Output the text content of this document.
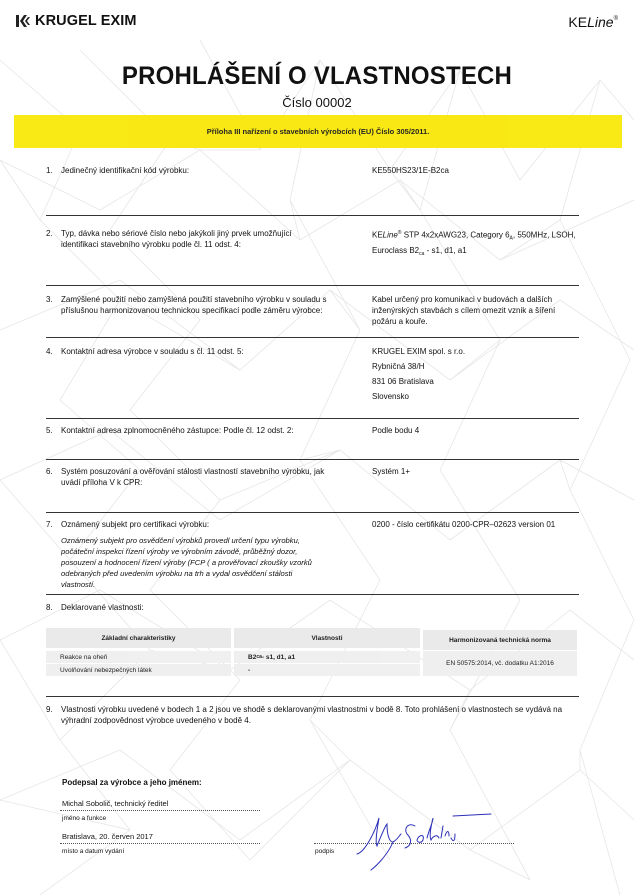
KRUGEL EXIM	KELine®
PROHLÁŠENÍ O VLASTNOSTECH
Číslo 00002
Příloha III nařízení o stavebních výrobcích (EU) Číslo 305/2011.
1.	Jedinečný identifikační kód výrobku:	KE550HS23/1E-B2ca
2.	Typ, dávka nebo sériové číslo nebo jakýkoli jiný prvek umožňující identifikaci stavebního výrobku podle čl. 11 odst. 4:
KELine® STP 4x2xAWG23, Category $6_A$, 550MHz, LSOH, Euroclass $B2_{ca} - s1$, d1, a1
3.	Zamýšlené použití nebo zamýšlená použití stavebního výrobku v souladu s příslušnou harmonizovanou technickou specifikací podle záměru výrobce:
Kabel určený pro komunikaci v budovách a dalších inženýrských stavbách s cílem omezit vznik a šíření požáru a kouře.
4.	Kontaktní adresa výrobce v souladu s čl. 11 odst. 5:	KRUGEL EXIM spol. s r.o.
Rybničná 38/H
831 06 Bratislava
Slovensko
5.	Kontaktní adresa zplnomocněného zástupce: Podle čl. 12 odst. 2:	Podle bodu 4
6.	Systém posuzování a ověřování stálosti vlastností stavebního výrobku, jak uvádí příloha V k CPR:
Systém 1+
7.	Oznámený subjekt pro certifikaci výrobku:
Oznámený subjekt pro osvědčení výrobků provedl určení typu výrobku, počáteční inspekci řízení výroby ve výrobním závodě, průběžný dozor, posouzení a hodnocení řízení výroby (FCP ( a prověřovací zkoušky vzorků odebraných před uvedením výrobku na trh a vydal osvědčení stálosti vlastností.
0200 - číslo certifikátu 0200-CPR–02623 version 01
8.	Deklarované vlastnosti:
Základní charakteristiky	Vlastnosti	Harmonizovaná technická norma
Reakce na oheň	B2 ca - s1, d1, a1
Uvolňování nebezpečných látek	-
EN 50575:2014, vč. dodatku A1:2016
9.	Vlastnosti výrobku uvedené v bodech 1 a 2 jsou ve shodě s deklarovanými vlastnostmi v bodě 8. Toto prohlášení o vlastnostech se vydává na výhradní zodpovědnost výrobce uvedeného v bodě 4.
Podepsal za výrobce a jeho jménem:
Michal Sobolič, technický ředitel
jméno a funkce
Bratislava, 20. červen 2017
místo a datum vydání	podpis
